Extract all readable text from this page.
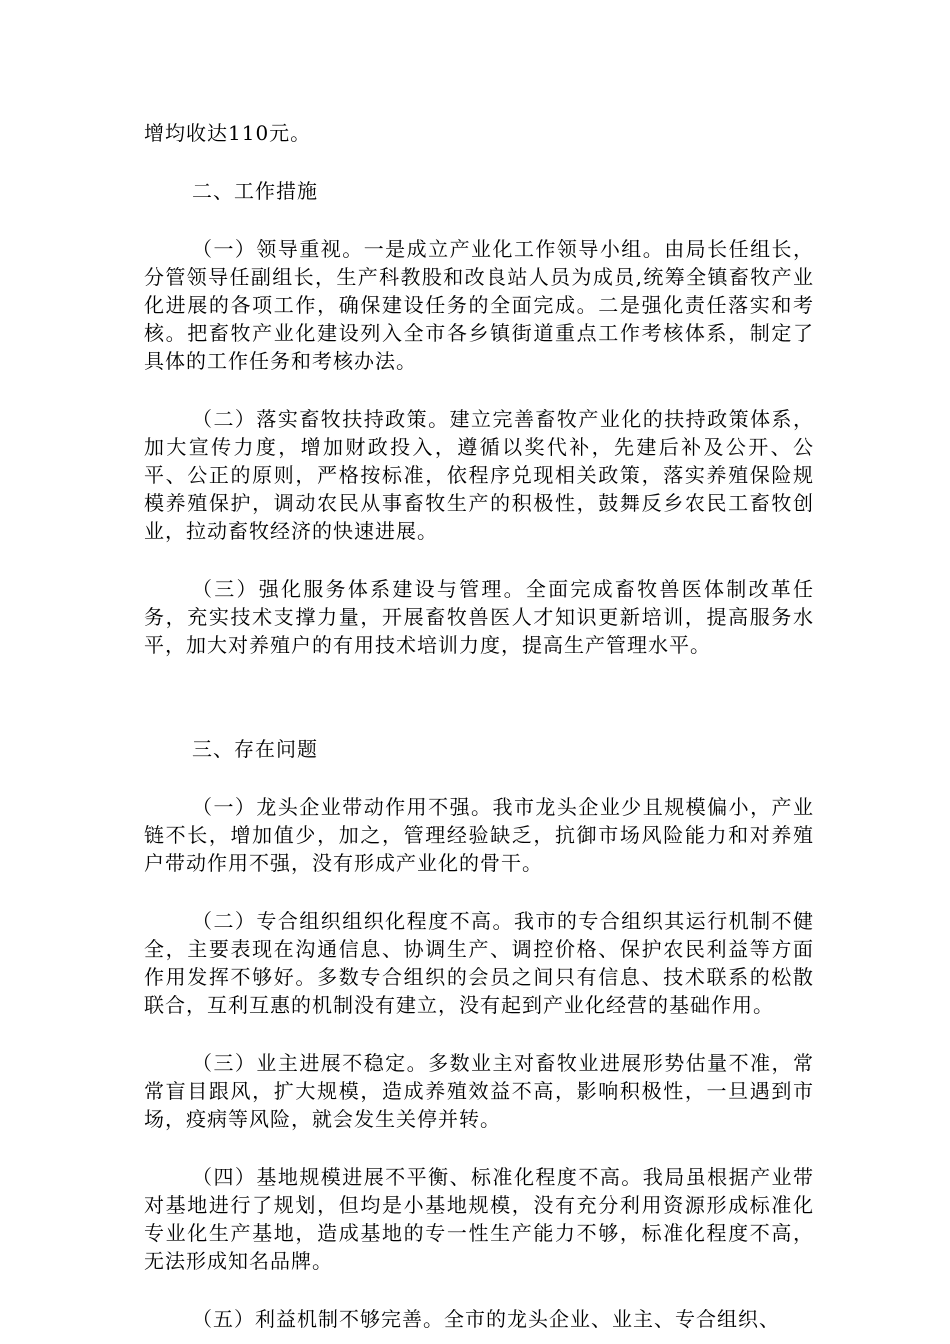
增均收达110元。

二、工作措施

（一）领导重视。一是成立产业化工作领导小组。由局长任组长，分管领导任副组长，生产科教股和改良站人员为成员,统筹全镇畜牧产业化进展的各项工作，确保建设任务的全面完成。二是强化责任落实和考核。把畜牧产业化建设列入全市各乡镇街道重点工作考核体系，制定了具体的工作任务和考核办法。

（二）落实畜牧扶持政策。建立完善畜牧产业化的扶持政策体系，加大宣传力度，增加财政投入，遵循以奖代补，先建后补及公开、公平、公正的原则，严格按标准，依程序兑现相关政策，落实养殖保险规模养殖保护，调动农民从事畜牧生产的积极性，鼓舞反乡农民工畜牧创业，拉动畜牧经济的快速进展。

（三）强化服务体系建设与管理。全面完成畜牧兽医体制改革任务，充实技术支撑力量，开展畜牧兽医人才知识更新培训，提高服务水平，加大对养殖户的有用技术培训力度，提高生产管理水平。

三、存在问题

（一）龙头企业带动作用不强。我市龙头企业少且规模偏小，产业链不长，增加值少，加之，管理经验缺乏，抗御市场风险能力和对养殖户带动作用不强，没有形成产业化的骨干。

（二）专合组织组织化程度不高。我市的专合组织其运行机制不健全，主要表现在沟通信息、协调生产、调控价格、保护农民利益等方面作用发挥不够好。多数专合组织的会员之间只有信息、技术联系的松散联合，互利互惠的机制没有建立，没有起到产业化经营的基础作用。

（三）业主进展不稳定。多数业主对畜牧业进展形势估量不准，常常盲目跟风，扩大规模，造成养殖效益不高，影响积极性，一旦遇到市场，疫病等风险，就会发生关停并转。

（四）基地规模进展不平衡、标准化程度不高。我局虽根据产业带对基地进行了规划，但均是小基地规模，没有充分利用资源形成标准化专业化生产基地，造成基地的专一性生产能力不够，标准化程度不高，无法形成知名品牌。

（五）利益机制不够完善。全市的龙头企业、业主、专合组织、
